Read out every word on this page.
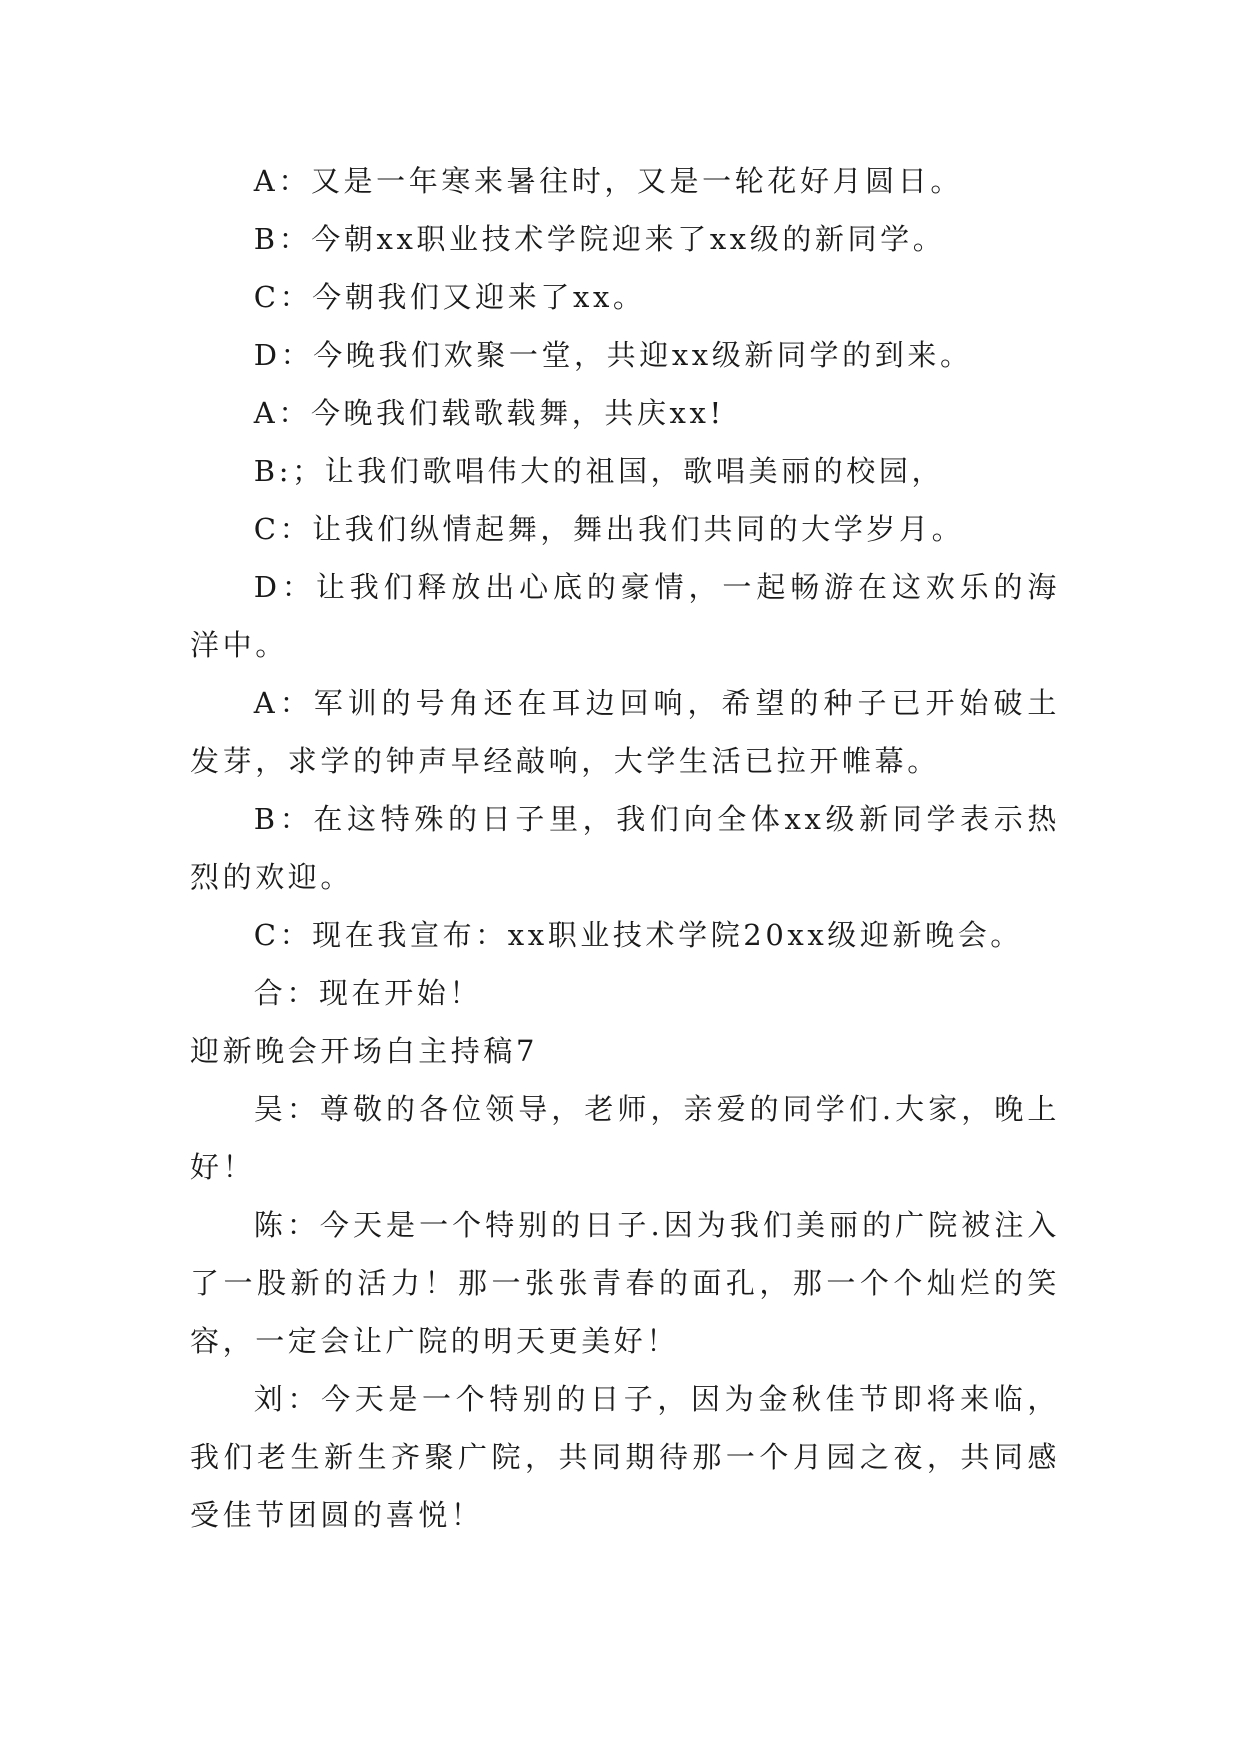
A：又是一年寒来暑往时，又是一轮花好月圆日。

B：今朝xx职业技术学院迎来了xx级的新同学。

C：今朝我们又迎来了xx。

D：今晚我们欢聚一堂，共迎xx级新同学的到来。

A：今晚我们载歌载舞，共庆xx!

B:；让我们歌唱伟大的祖国，歌唱美丽的校园，

C：让我们纵情起舞，舞出我们共同的大学岁月。

D：让我们释放出心底的豪情，一起畅游在这欢乐的海洋中。

A：军训的号角还在耳边回响，希望的种子已开始破土发芽，求学的钟声早经敲响，大学生活已拉开帷幕。

B：在这特殊的日子里，我们向全体xx级新同学表示热烈的欢迎。

C：现在我宣布：xx职业技术学院20xx级迎新晚会。

合：现在开始！

迎新晚会开场白主持稿7

吴：尊敬的各位领导，老师，亲爱的同学们.大家，晚上好！

陈：今天是一个特别的日子.因为我们美丽的广院被注入了一股新的活力！那一张张青春的面孔，那一个个灿烂的笑容，一定会让广院的明天更美好！

刘：今天是一个特别的日子，因为金秋佳节即将来临，我们老生新生齐聚广院，共同期待那一个月园之夜，共同感受佳节团圆的喜悦！
